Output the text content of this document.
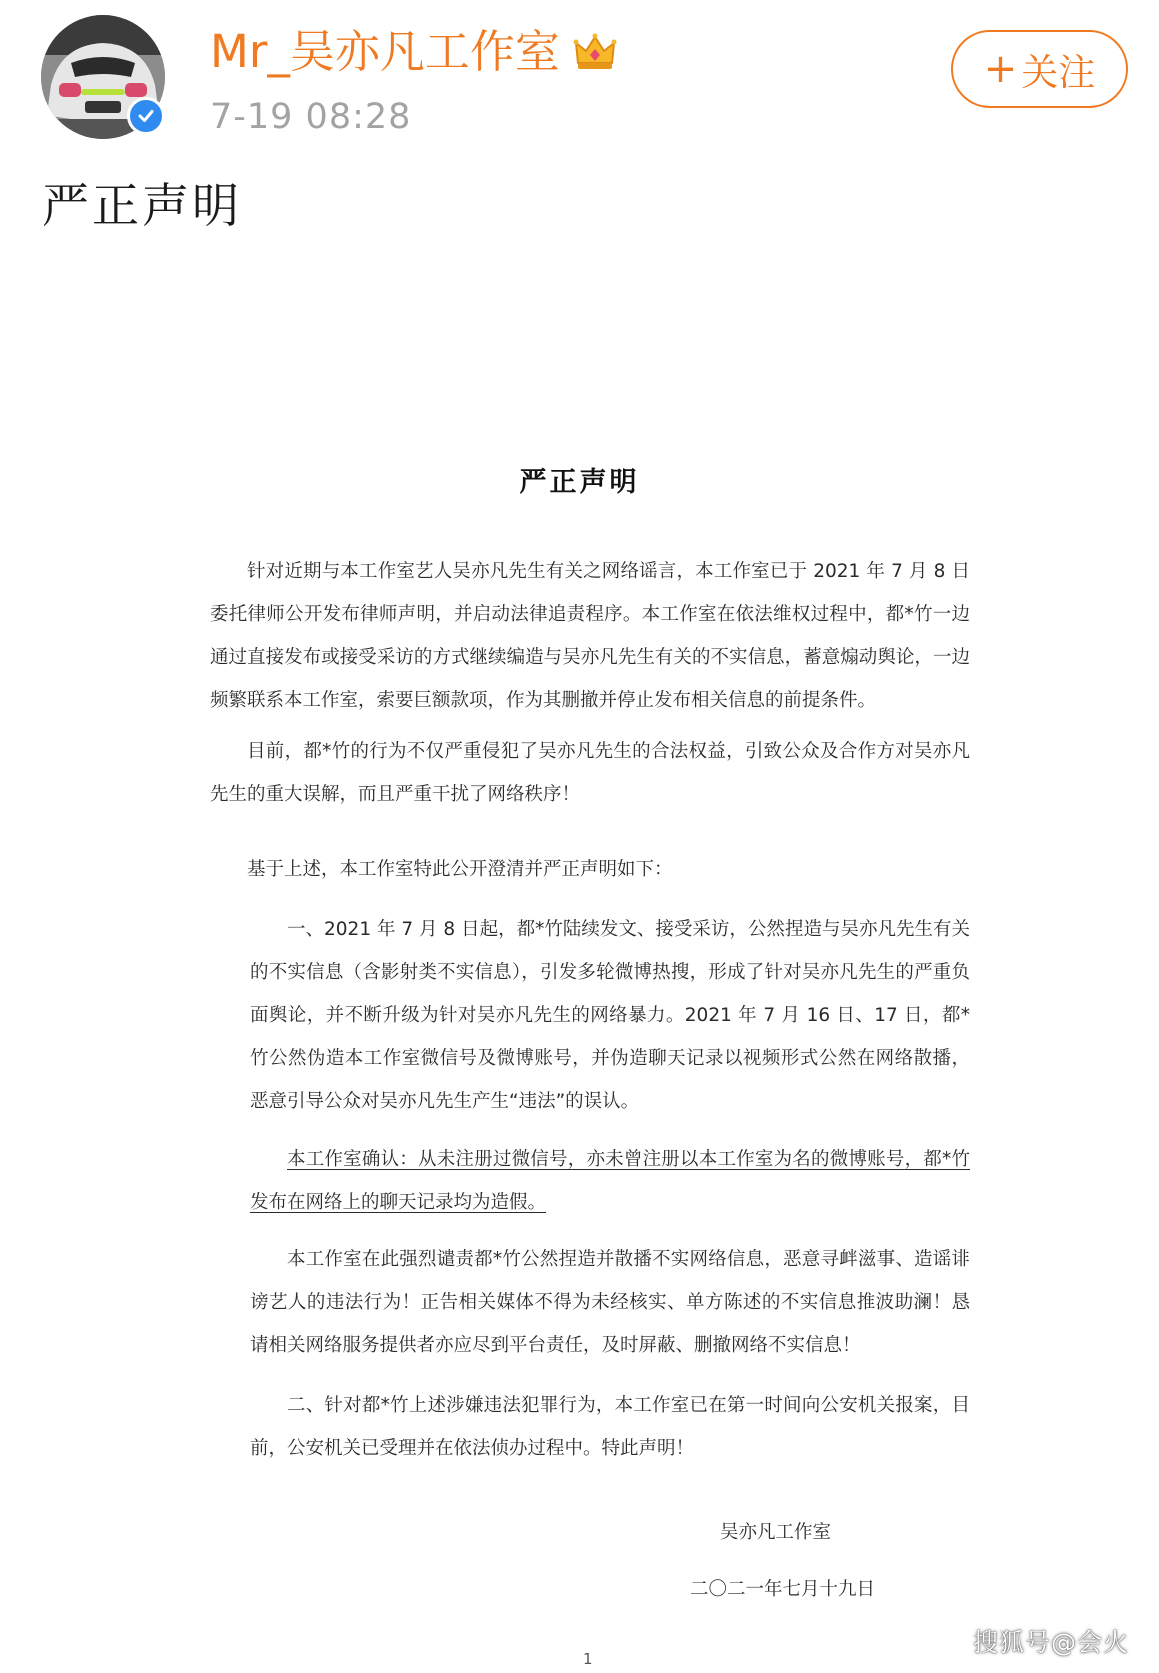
Mr_吴亦凡工作室
7-19 08:28
+ 关注
严正声明
严正声明

针对近期与本工作室艺人吴亦凡先生有关之网络谣言，本工作室已于 2021 年 7 月 8 日委托律师公开发布律师声明，并启动法律追责程序。本工作室在依法维权过程中，都*竹一边通过直接发布或接受采访的方式继续编造与吴亦凡先生有关的不实信息，蓄意煽动舆论，一边频繁联系本工作室，索要巨额款项，作为其删撤并停止发布相关信息的前提条件。

目前，都*竹的行为不仅严重侵犯了吴亦凡先生的合法权益，引致公众及合作方对吴亦凡先生的重大误解，而且严重干扰了网络秩序！

基于上述，本工作室特此公开澄清并严正声明如下：

一、2021 年 7 月 8 日起，都*竹陆续发文、接受采访，公然捏造与吴亦凡先生有关的不实信息（含影射类不实信息），引发多轮微博热搜，形成了针对吴亦凡先生的严重负面舆论，并不断升级为针对吴亦凡先生的网络暴力。2021 年 7 月 16 日、17 日，都*竹公然伪造本工作室微信号及微博账号，并伪造聊天记录以视频形式公然在网络散播，恶意引导公众对吴亦凡先生产生“违法”的误认。

本工作室确认：从未注册过微信号，亦未曾注册以本工作室为名的微博账号，都*竹发布在网络上的聊天记录均为造假。

本工作室在此强烈谴责都*竹公然捏造并散播不实网络信息，恶意寻衅滋事、造谣诽谤艺人的违法行为！正告相关媒体不得为未经核实、单方陈述的不实信息推波助澜！恳请相关网络服务提供者亦应尽到平台责任，及时屏蔽、删撤网络不实信息！

二、针对都*竹上述涉嫌违法犯罪行为，本工作室已在第一时间向公安机关报案，目前，公安机关已受理并在依法侦办过程中。特此声明！

吴亦凡工作室
二〇二一年七月十九日
1
搜狐号@会火
